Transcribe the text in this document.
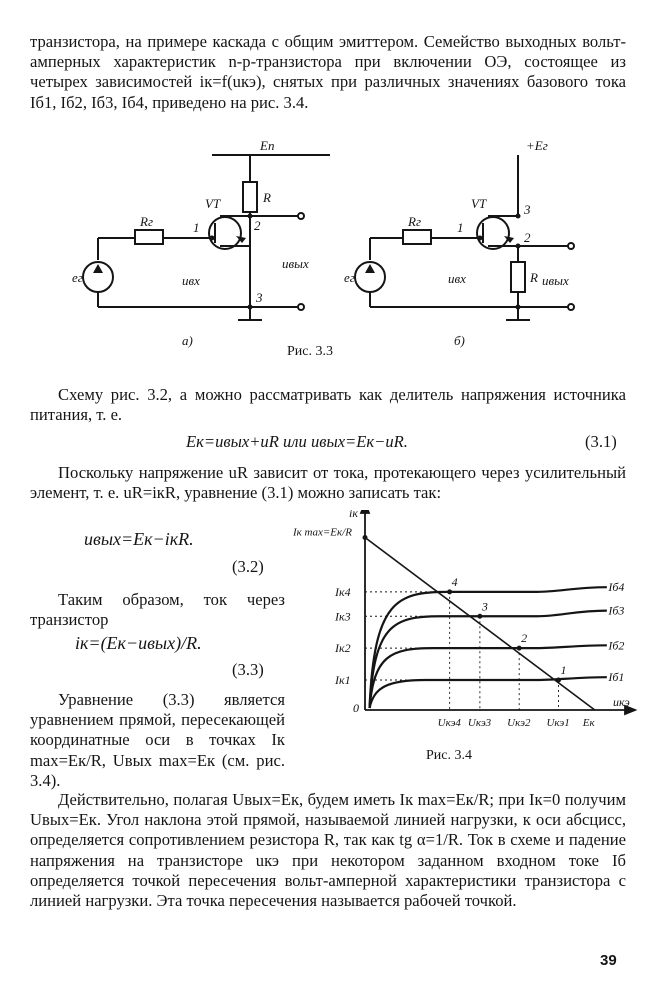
транзистора, на примере каскада с общим эмиттером. Семейство выходных вольт-амперных характеристик n-p-транзистора при включении ОЭ, состоящее из четырех зависимостей iк=f(uкэ), снятых при различных значениях базового тока Iб1, Iб2, Iб3, Iб4, приведено на рис. 3.4.
Eп
R
VT
Rг
eг	uвх
uвых
1	2
3
а)
+Eг
R
VT
Rг
eг	uвх	uвых
1
2
3
б)
Рис. 3.3
Схему рис. 3.2, а можно рассматривать как делитель напряжения источника питания, т. е.
Eк=uвых+uR или uвых=Eк−uR.	(3.1)
Поскольку напряжение uR зависит от тока, протекающего через усилительный элемент, т. е. uR=iкR, уравнение (3.1) можно записать так:
uвых=Eк−iкR.
(3.2)
Таким образом, ток через транзистор
iк=(Eк−uвых)/R.
(3.3)
Уравнение (3.3) является уравнением прямой, пересекающей координатные оси в точках Iк max=Eк/R, Uвых max=Eк (см. рис. 3.4).
uкэ
iк
0
Iк max=Eк/R
Iб1
Iб2
Iб3
Iб4
1
2
3
4
Iк4
Iк3
Iк2
Iк1
Uкэ4 Uкэ3 Uкэ2 Uкэ1 Eк
Рис. 3.4
Действительно, полагая Uвых=Eк, будем иметь Iк max=Eк/R; при Iк=0 получим Uвых=Eк. Угол наклона этой прямой, называемой линией нагрузки, к оси абсцисс, определяется сопротивлением резистора R, так как tg α=1/R. Ток в схеме и падение напряжения на транзисторе uкэ при некотором заданном входном токе Iб определяется точкой пересечения вольт-амперной характеристики транзистора с линией нагрузки. Эта точка пересечения называется рабочей точкой.
39
